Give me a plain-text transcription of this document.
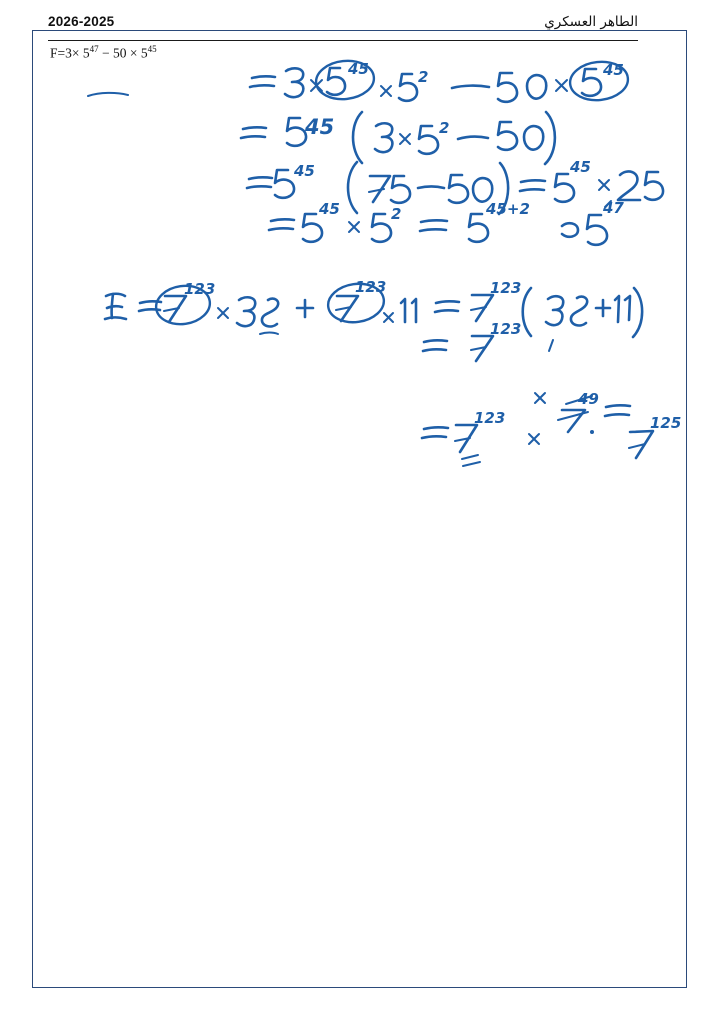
2026-2025	الطاهر العسكري
$F=3\times 5^{47} - 50 \times 5^{45}$
45	2	45
45	2
45	45
45	2	45+2	47
123	123	123
123
123
49
125
